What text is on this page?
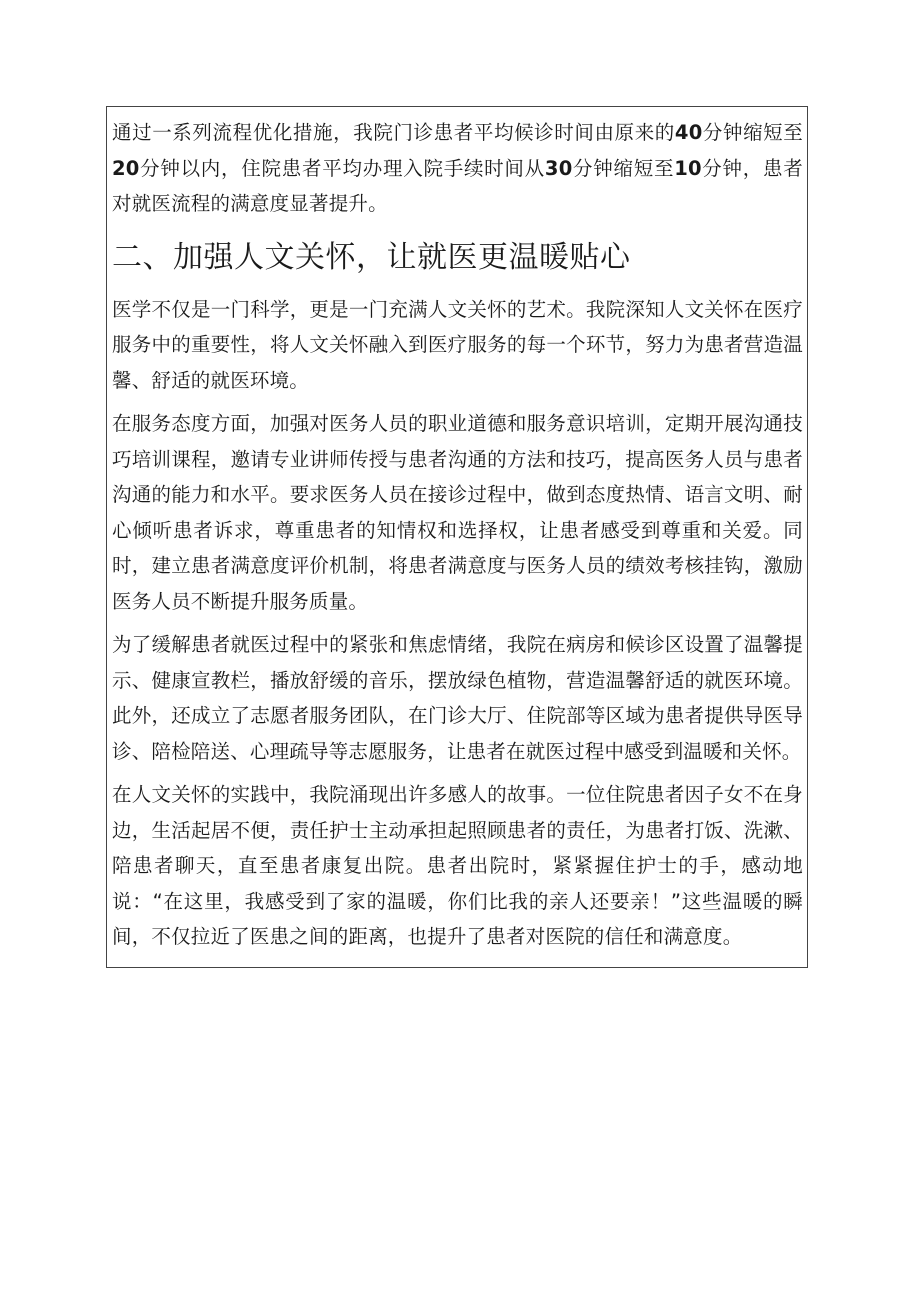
通过一系列流程优化措施，我院门诊患者平均候诊时间由原来的40分钟缩短至20分钟以内，住院患者平均办理入院手续时间从30分钟缩短至10分钟，患者对就医流程的满意度显著提升。

二、加强人文关怀，让就医更温暖贴心

医学不仅是一门科学，更是一门充满人文关怀的艺术。我院深知人文关怀在医疗服务中的重要性，将人文关怀融入到医疗服务的每一个环节，努力为患者营造温馨、舒适的就医环境。

在服务态度方面，加强对医务人员的职业道德和服务意识培训，定期开展沟通技巧培训课程，邀请专业讲师传授与患者沟通的方法和技巧，提高医务人员与患者沟通的能力和水平。要求医务人员在接诊过程中，做到态度热情、语言文明、耐心倾听患者诉求，尊重患者的知情权和选择权，让患者感受到尊重和关爱。同时，建立患者满意度评价机制，将患者满意度与医务人员的绩效考核挂钩，激励医务人员不断提升服务质量。

为了缓解患者就医过程中的紧张和焦虑情绪，我院在病房和候诊区设置了温馨提示、健康宣教栏，播放舒缓的音乐，摆放绿色植物，营造温馨舒适的就医环境。此外，还成立了志愿者服务团队，在门诊大厅、住院部等区域为患者提供导医导诊、陪检陪送、心理疏导等志愿服务，让患者在就医过程中感受到温暖和关怀。

在人文关怀的实践中，我院涌现出许多感人的故事。一位住院患者因子女不在身边，生活起居不便，责任护士主动承担起照顾患者的责任，为患者打饭、洗漱、陪患者聊天，直至患者康复出院。患者出院时，紧紧握住护士的手，感动地说：“在这里，我感受到了家的温暖，你们比我的亲人还要亲！”这些温暖的瞬间，不仅拉近了医患之间的距离，也提升了患者对医院的信任和满意度。
